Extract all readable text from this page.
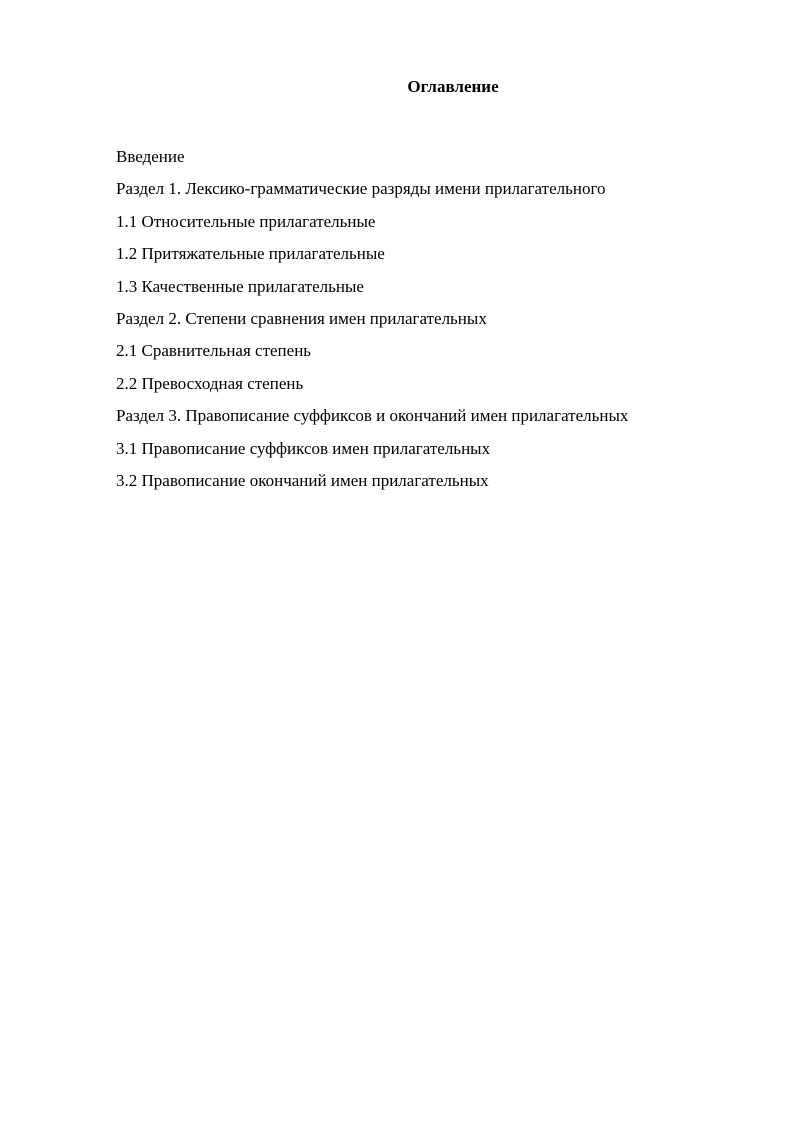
Оглавление
Введение
Раздел 1. Лексико-грамматические разряды имени прилагательного
1.1 Относительные прилагательные
1.2 Притяжательные прилагательные
1.3 Качественные прилагательные
Раздел 2. Степени сравнения имен прилагательных
2.1 Сравнительная степень
2.2 Превосходная степень
Раздел 3. Правописание суффиксов и окончаний имен прилагательных
3.1 Правописание суффиксов имен прилагательных
3.2 Правописание окончаний имен прилагательных
